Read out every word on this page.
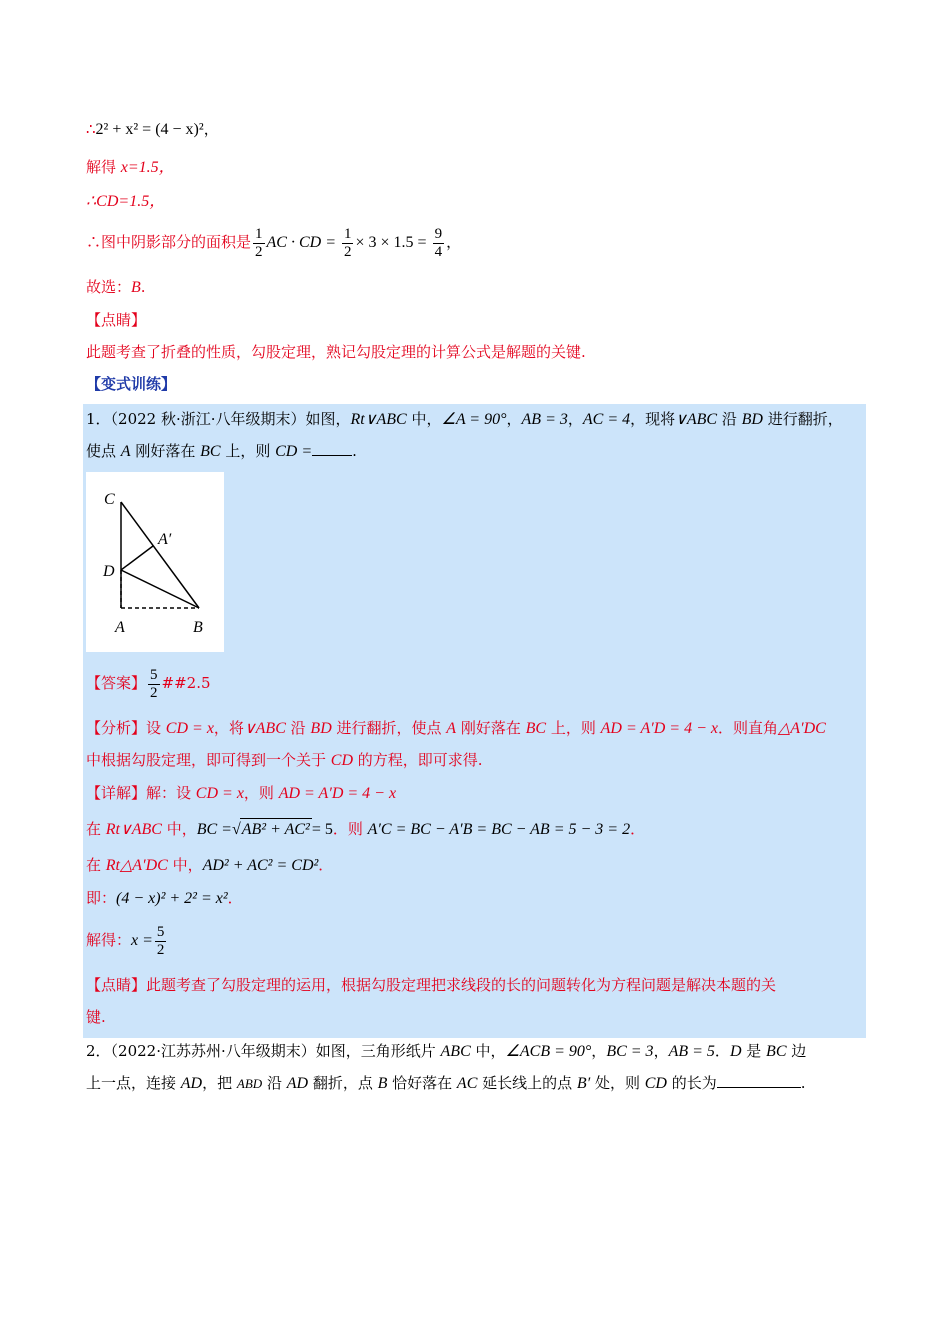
∴2² + x² = (4 − x)²，
解得 x=1.5，
∴CD=1.5，
∴图中阴影部分的面积是 $\frac{1}{2}$ AC · CD = $\frac{1}{2} \times 3 \times 1.5 = \frac{9}{4}$ ，
故选：B.
【点睛】
此题考查了折叠的性质，勾股定理，熟记勾股定理的计算公式是解题的关键.
【变式训练】
1．（2022 秋·浙江·八年级期末）如图，Rt∨ABC 中，∠A = 90°，AB = 3，AC = 4，现将∨ABC 沿 BD 进行翻折，
使点 A 刚好落在 BC 上，则 CD =	.
C
A′
D
A	B
【答案】 $\frac{5}{2}$ ##2.5
【分析】设 CD = x，将∨ABC 沿 BD 进行翻折，使点 A 刚好落在 BC 上，则 AD = A′D = 4 − x．则直角△A′DC
中根据勾股定理，即可得到一个关于 CD 的方程，即可求得.
【详解】解：设 CD = x，则 AD = A′D = 4 − x
在 Rt∨ABC 中，BC =√AB² + AC² = 5．则 A′C = BC − A′B = BC − AB = 5 − 3 = 2．
在 Rt△A′DC 中，AD² + AC² = CD²．
即：(4 − x)² + 2² = x²．
解得：$x = \frac{5}{2}$
【点睛】此题考查了勾股定理的运用，根据勾股定理把求线段的长的问题转化为方程问题是解决本题的关
键.
2．（2022·江苏苏州·八年级期末）如图，三角形纸片 ABC 中，∠ACB = 90°，BC = 3，AB = 5．D 是 BC 边
上一点，连接 AD，把 ABD 沿 AD 翻折，点 B 恰好落在 AC 延长线上的点 B′ 处，则 CD 的长为	.
